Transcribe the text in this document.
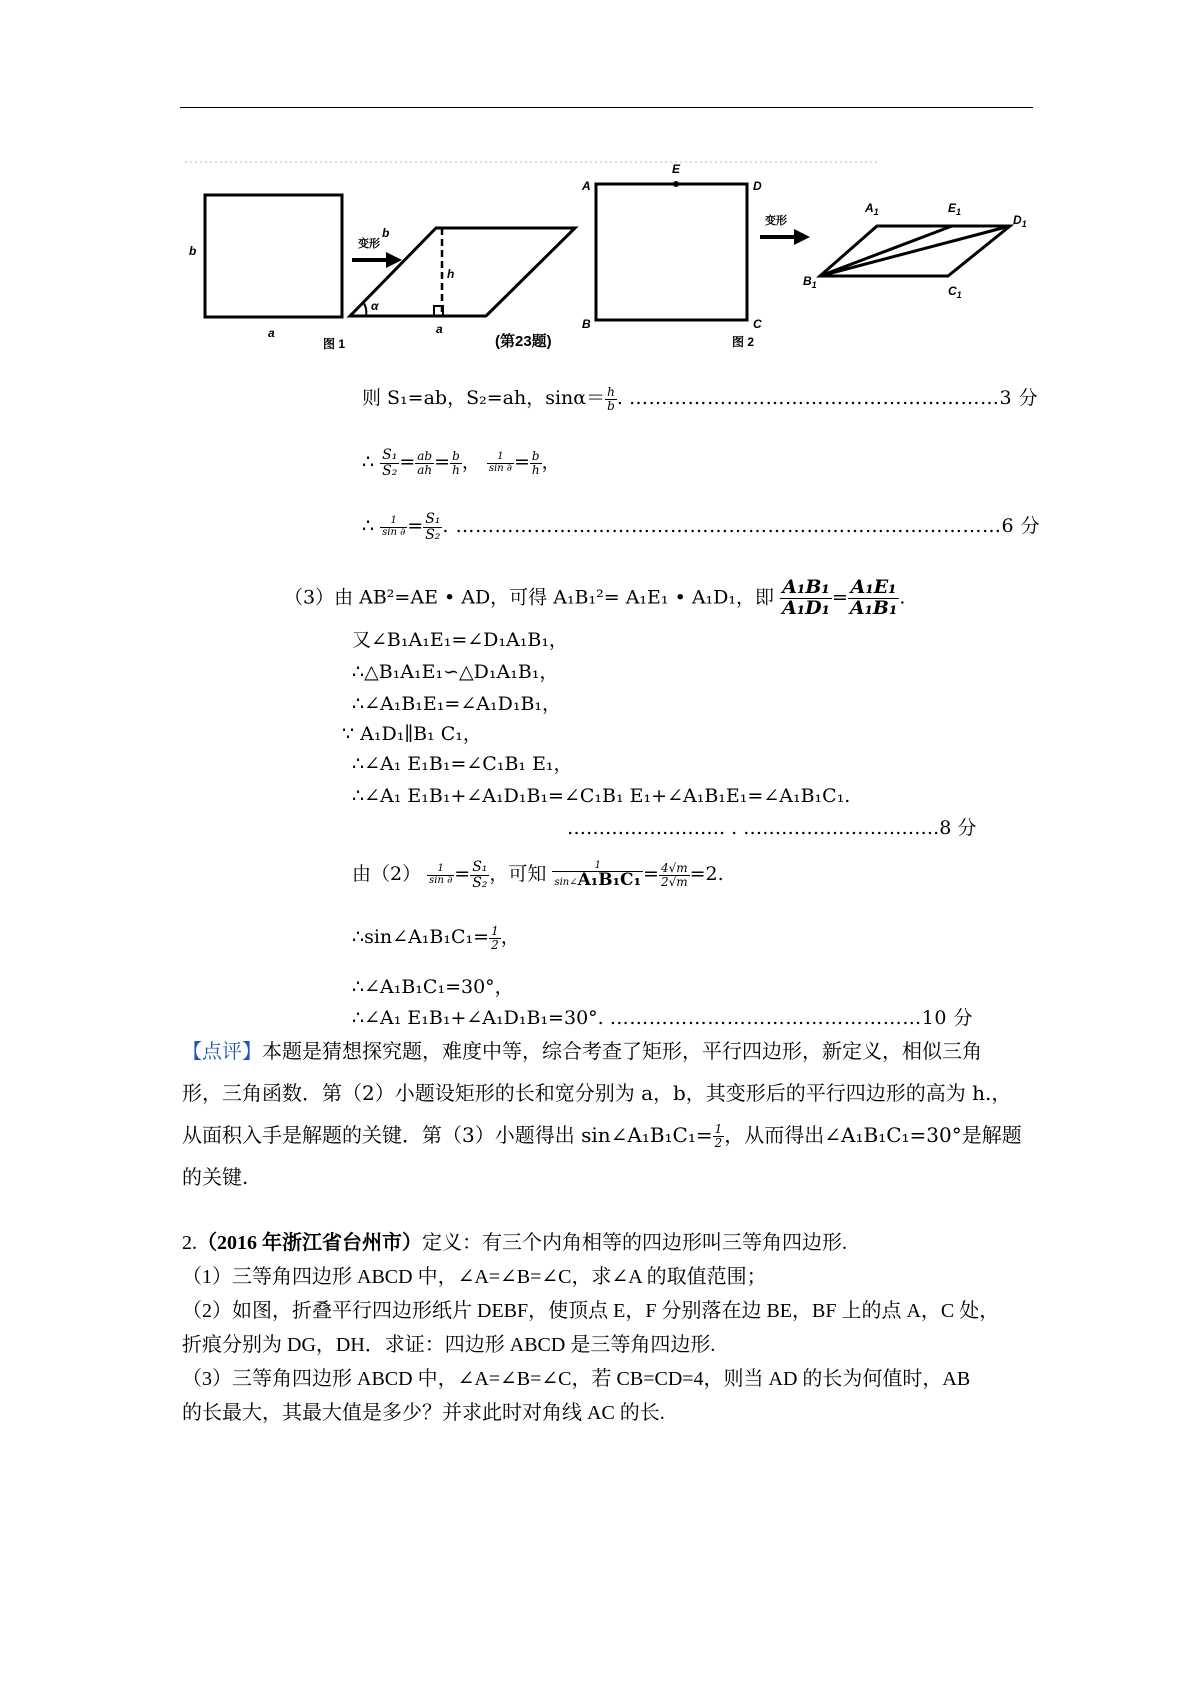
b
a
变形
b
h
α
a
图 1	(第23题)	图 2
A
E
D
B	C
变形
$A_1$	$E_1$
$D_1$
$B_1$	$C_1$
则 S₁=ab，S₂=ah，$\sin\alpha= \frac{h}{b}$ . …………………………………………………3 分
∴ $\frac{\text{S₁}}{\text{S₂}} = \frac{ab}{ah} = \frac{b}{h}$ ， $\frac{1}{\sin \partial} = \frac{b}{h}$ ，
∴ $\frac{1}{\sin \partial} = \frac{\text{S₁}}{\text{S₂}}$ . …………………………………………………………………………6 分
（3）由 AB²=AE • AD，可得 A₁B₁²= A₁E₁ • A₁D₁，即 $\frac{\text{A₁B₁}}{\text{A₁D₁}} = \frac{\text{A₁E₁}}{\text{A₁B₁}}$ .
又∠B₁A₁E₁=∠D₁A₁B₁，
∴△B₁A₁E₁∽△D₁A₁B₁，
∴∠A₁B₁E₁=∠A₁D₁B₁，
∵ A₁D₁∥B₁ C₁，
∴∠A₁ E₁B₁=∠C₁B₁ E₁，
∴∠A₁ E₁B₁+∠A₁D₁B₁=∠C₁B₁ E₁+∠A₁B₁E₁=∠A₁B₁C₁.
……………………. . ………………………….8 分
由$(2) \frac{1}{\sin \partial} = \frac{\text{S₁}}{\text{S₂}}$ ，可知 $\frac{1}{\text{sin∠A₁B₁C₁}} = \frac{4√m}{2√m} =2$.
∴sin∠A₁B₁C₁= $\frac{1}{2}$ ，
∴∠A₁B₁C₁=30°，
∴∠A₁ E₁B₁+∠A₁D₁B₁=30°. …………………………………………10 分
【点评】本题是猜想探究题，难度中等，综合考查了矩形，平行四边形，新定义，相似三角
形，三角函数．第（2）小题设矩形的长和宽分别为 a，b，其变形后的平行四边形的高为 h.，
从面积入手是解题的关键．第（3）小题得出 sin∠A₁B₁C₁= $\frac{1}{2}$ ，从而得出∠A₁B₁C₁=30°是解题
的关键.
2.（2016 年浙江省台州市）定义：有三个内角相等的四边形叫三等角四边形.
（1）三等角四边形 ABCD 中，∠A=∠B=∠C，求∠A 的取值范围；
（2）如图，折叠平行四边形纸片 DEBF，使顶点 E，F 分别落在边 BE，BF 上的点 A，C 处，
折痕分别为 DG，DH．求证：四边形 ABCD 是三等角四边形.
（3）三等角四边形 ABCD 中，∠A=∠B=∠C，若 CB=CD=4，则当 AD 的长为何值时，AB
的长最大，其最大值是多少？并求此时对角线 AC 的长.
